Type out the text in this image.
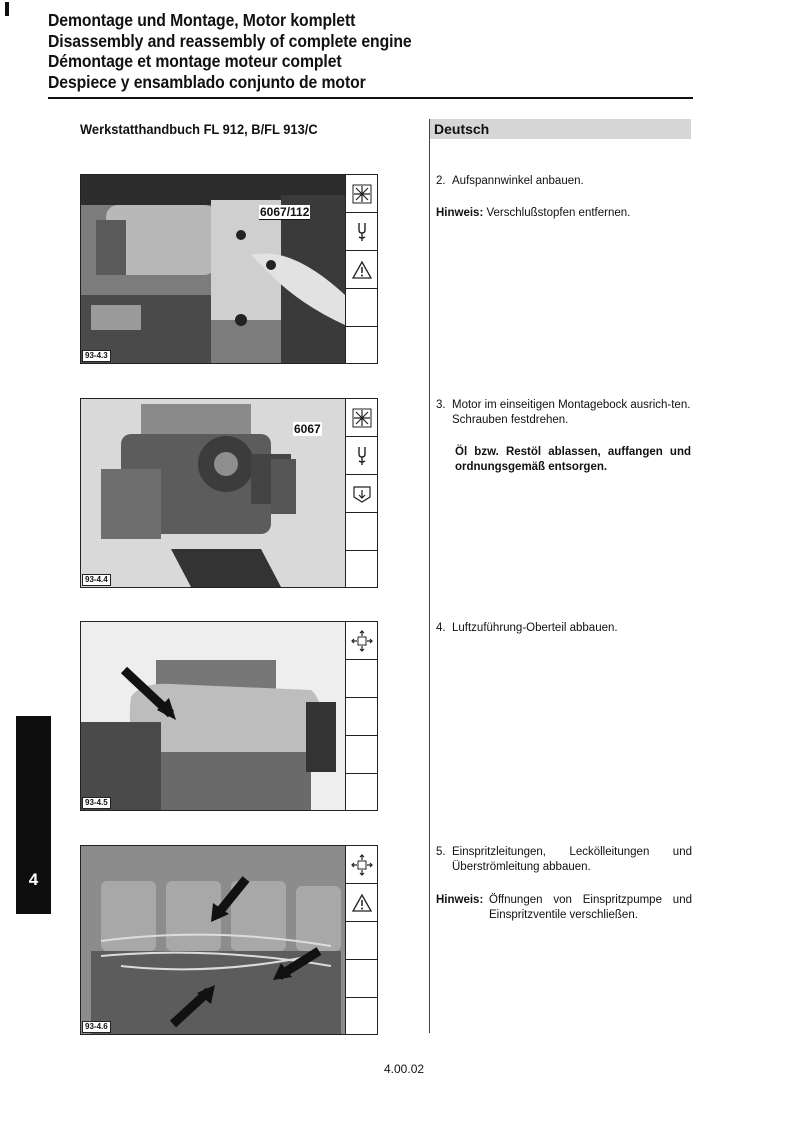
Demontage und Montage, Motor komplett
Disassembly and reassembly of complete engine
Démontage et montage moteur complet
Despiece y ensamblado conjunto de motor
Werkstatthandbuch FL 912, B/FL 913/C	Deutsch
4
6067/112
93-4.3
6067
93-4.4
93-4.5
93-4.6
2. Aufspannwinkel anbauen.
Hinweis: Verschlußstopfen entfernen.
3. Motor im einseitigen Montagebock ausrich-ten. Schrauben festdrehen.
Öl bzw. Restöl ablassen, auffangen und ordnungsgemäß entsorgen.
4. Luftzuführung-Oberteil abbauen.
5. Einspritzleitungen, Leckölleitungen und Überströmleitung abbauen.
Hinweis: Öffnungen von Einspritzpumpe und Einspritzventile verschließen.
4.00.02
